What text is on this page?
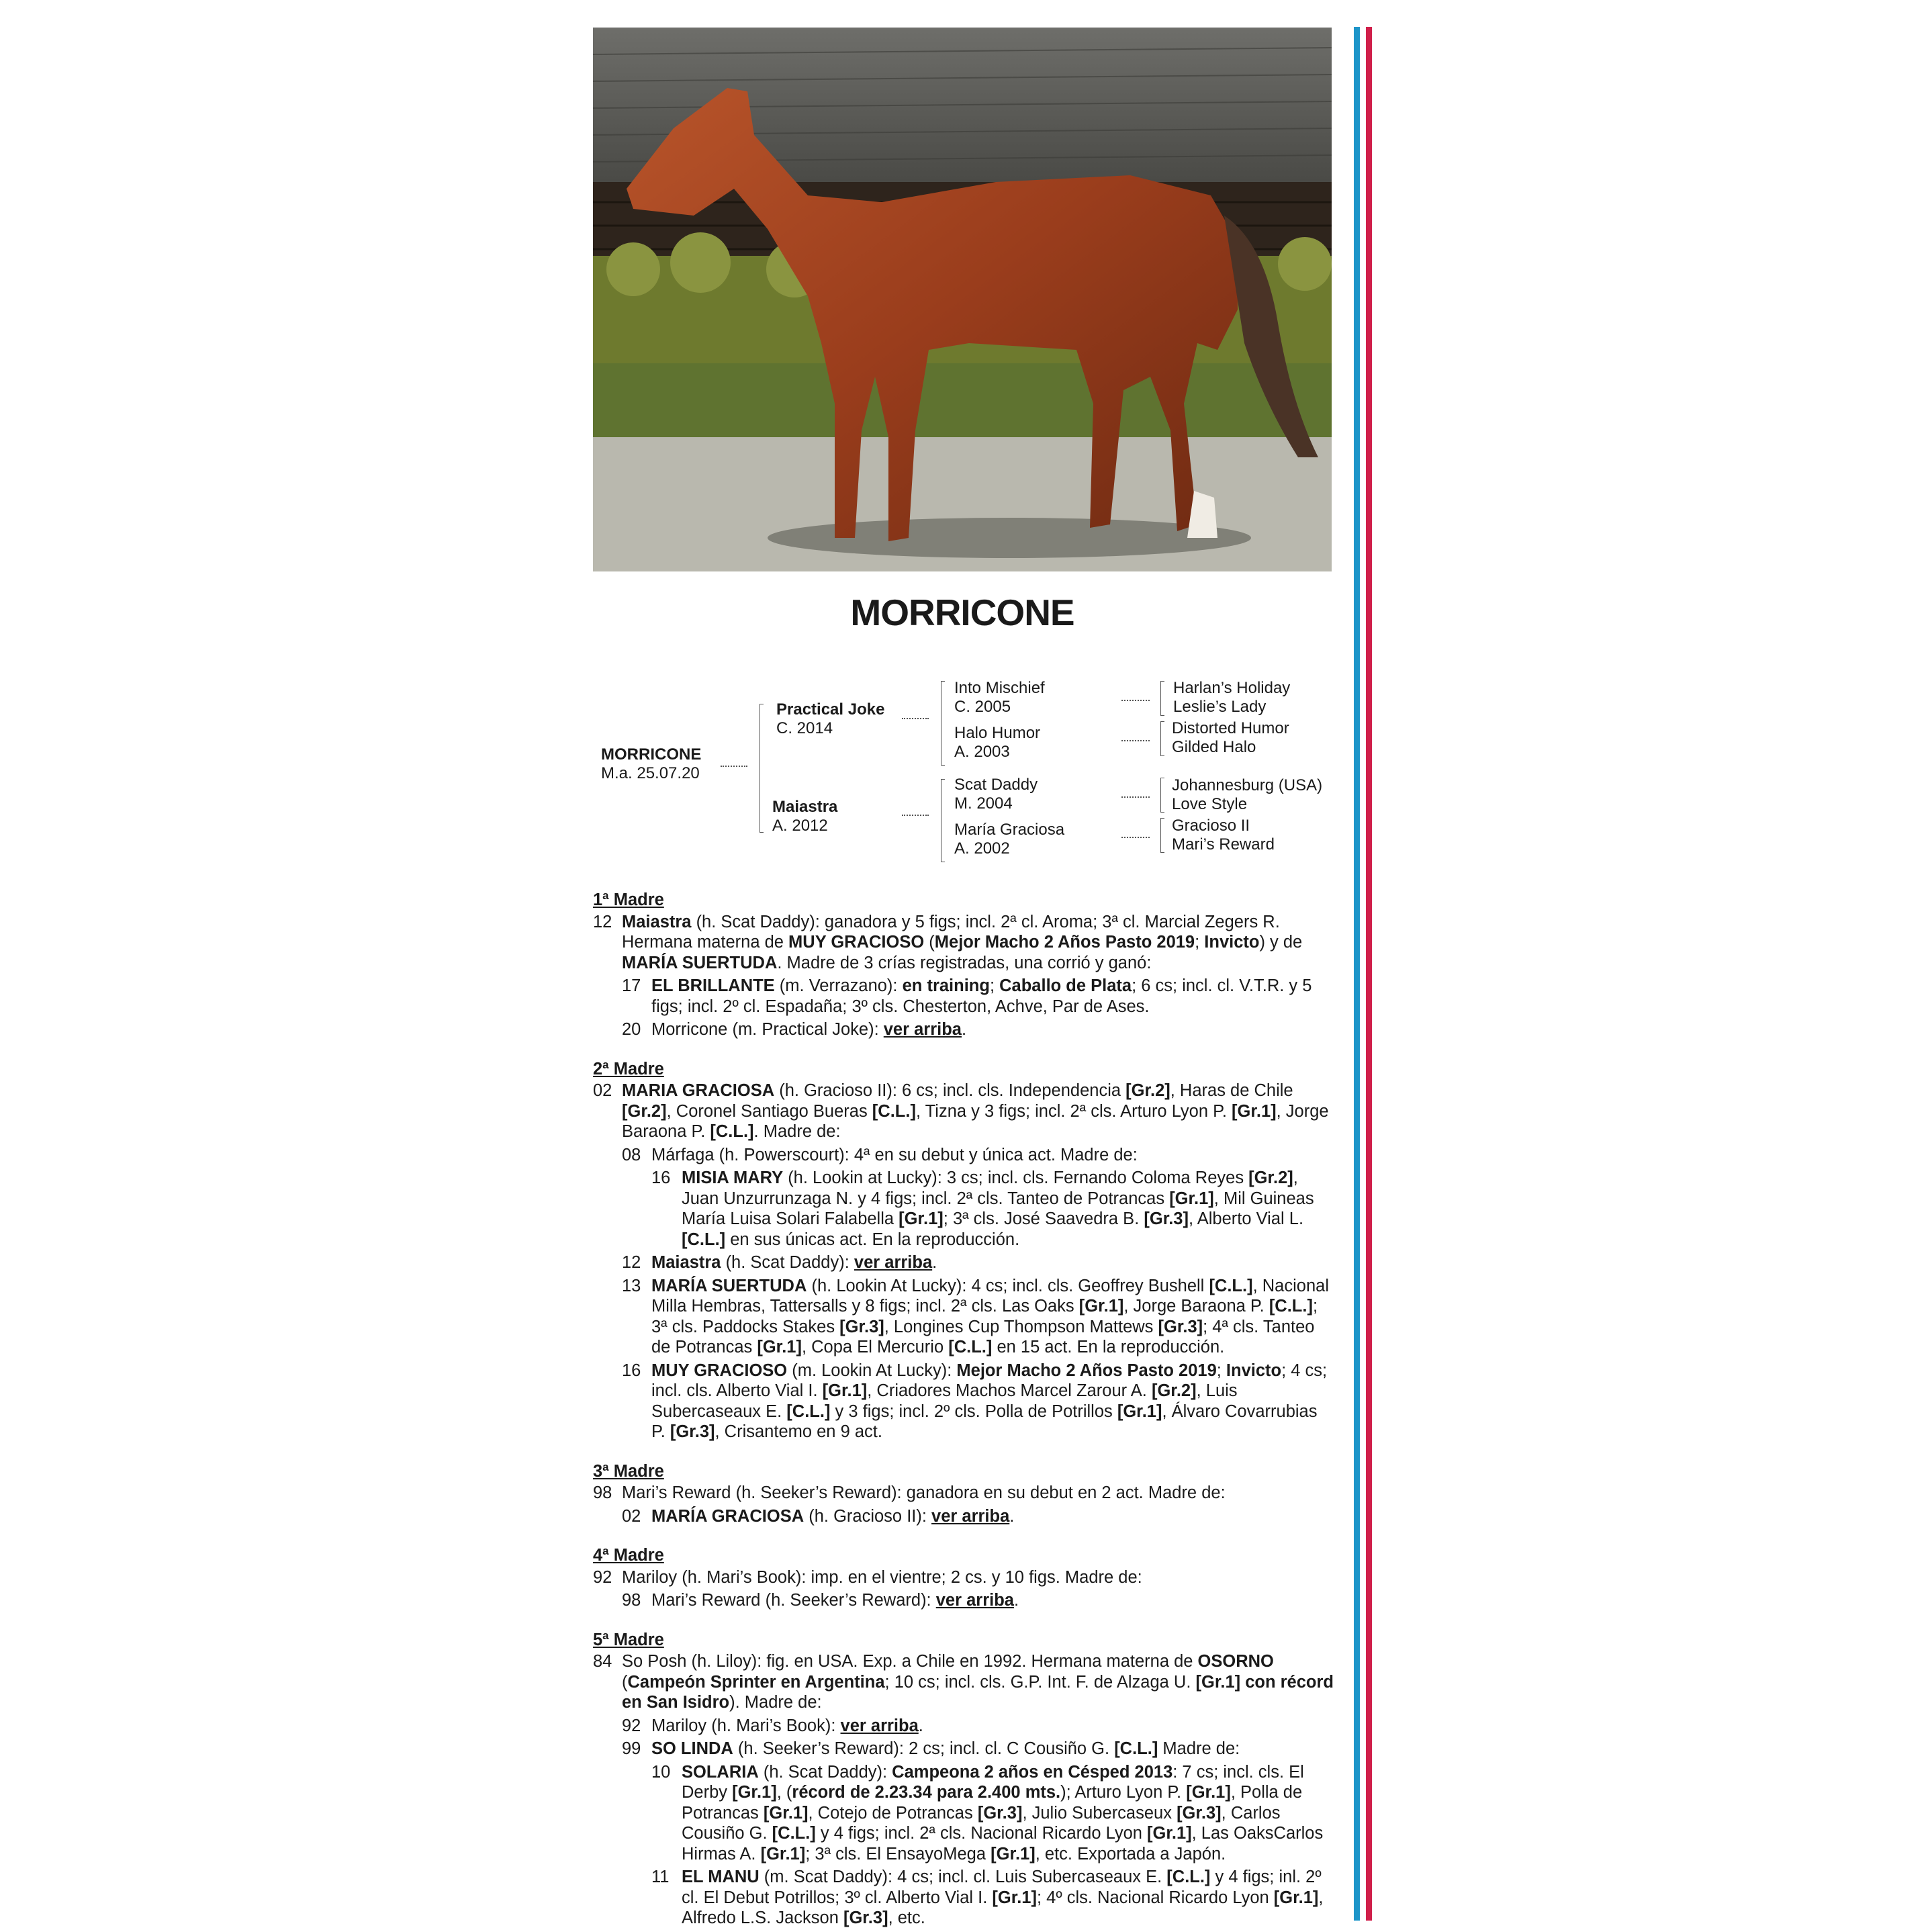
MORRICONE
MORRICONE
M.a. 25.07.20
Practical Joke
C. 2014
Maiastra
A. 2012
Into Mischief
C. 2005
Halo Humor
A. 2003
Scat Daddy
M. 2004
María Graciosa
A. 2002
Harlan’s Holiday
Leslie’s Lady
Distorted Humor
Gilded Halo
Johannesburg (USA)
Love Style
Gracioso II
Mari’s Reward
1ª Madre
12 Maiastra (h. Scat Daddy): ganadora y 5 figs; incl. 2ª cl. Aroma; 3ª cl. Marcial Zegers R. Hermana materna de MUY GRACIOSO (Mejor Macho 2 Años Pasto 2019; Invicto) y de MARÍA SUERTUDA. Madre de 3 crías registradas, una corrió y ganó:
17 EL BRILLANTE (m. Verrazano): en training; Caballo de Plata; 6 cs; incl. cl. V.T.R. y 5 figs; incl. 2º cl. Espadaña; 3º cls. Chesterton, Achve, Par de Ases.
20 Morricone (m. Practical Joke): ver arriba.
2ª Madre
02 MARIA GRACIOSA (h. Gracioso II): 6 cs; incl. cls. Independencia [Gr.2], Haras de Chile [Gr.2], Coronel Santiago Bueras [C.L.], Tizna y 3 figs; incl. 2ª cls. Arturo Lyon P. [Gr.1], Jorge Baraona P. [C.L.]. Madre de:
08 Márfaga (h. Powerscourt): 4ª en su debut y única act. Madre de:
16 MISIA MARY (h. Lookin at Lucky): 3 cs; incl. cls. Fernando Coloma Reyes [Gr.2], Juan Unzurrunzaga N. y 4 figs; incl. 2ª cls. Tanteo de Potrancas [Gr.1], Mil Guineas María Luisa Solari Falabella [Gr.1]; 3ª cls. José Saavedra B. [Gr.3], Alberto Vial L. [C.L.] en sus únicas act. En la reproducción.
12 Maiastra (h. Scat Daddy): ver arriba.
13 MARÍA SUERTUDA (h. Lookin At Lucky): 4 cs; incl. cls. Geoffrey Bushell [C.L.], Nacional Milla Hembras, Tattersalls y 8 figs; incl. 2ª cls. Las Oaks [Gr.1], Jorge Baraona P. [C.L.]; 3ª cls. Paddocks Stakes [Gr.3], Longines Cup Thompson Mattews [Gr.3]; 4ª cls. Tanteo de Potrancas [Gr.1], Copa El Mercurio [C.L.] en 15 act. En la reproducción.
16 MUY GRACIOSO (m. Lookin At Lucky): Mejor Macho 2 Años Pasto 2019; Invicto; 4 cs; incl. cls. Alberto Vial I. [Gr.1], Criadores Machos Marcel Zarour A. [Gr.2], Luis Subercaseaux E. [C.L.] y 3 figs; incl. 2º cls. Polla de Potrillos [Gr.1], Álvaro Covarrubias P. [Gr.3], Crisantemo en 9 act.
3ª Madre
98 Mari’s Reward (h. Seeker’s Reward): ganadora en su debut en 2 act. Madre de:
02 MARÍA GRACIOSA (h. Gracioso II): ver arriba.
4ª Madre
92 Mariloy (h. Mari’s Book): imp. en el vientre; 2 cs. y 10 figs. Madre de:
98 Mari’s Reward (h. Seeker’s Reward): ver arriba.
5ª Madre
84 So Posh (h. Liloy): fig. en USA. Exp. a Chile en 1992. Hermana materna de OSORNO (Campeón Sprinter en Argentina; 10 cs; incl. cls. G.P. Int. F. de Alzaga U. [Gr.1] con récord en San Isidro). Madre de:
92 Mariloy (h. Mari’s Book): ver arriba.
99 SO LINDA (h. Seeker’s Reward): 2 cs; incl. cl. C Cousiño G. [C.L.] Madre de:
10 SOLARIA (h. Scat Daddy): Campeona 2 años en Césped 2013: 7 cs; incl. cls. El Derby [Gr.1], (récord de 2.23.34 para 2.400 mts.); Arturo Lyon P. [Gr.1], Polla de Potrancas [Gr.1], Cotejo de Potrancas [Gr.3], Julio Subercaseux [Gr.3], Carlos Cousiño G. [C.L.] y 4 figs; incl. 2ª cls. Nacional Ricardo Lyon [Gr.1], Las OaksCarlos Hirmas A. [Gr.1]; 3ª cls. El EnsayoMega [Gr.1], etc. Exportada a Japón.
11 EL MANU (m. Scat Daddy): 4 cs; incl. cl. Luis Subercaseaux E. [C.L.] y 4 figs; inl. 2º cl. El Debut Potrillos; 3º cl. Alberto Vial I. [Gr.1]; 4º cls. Nacional Ricardo Lyon [Gr.1], Alfredo L.S. Jackson [Gr.3], etc.
